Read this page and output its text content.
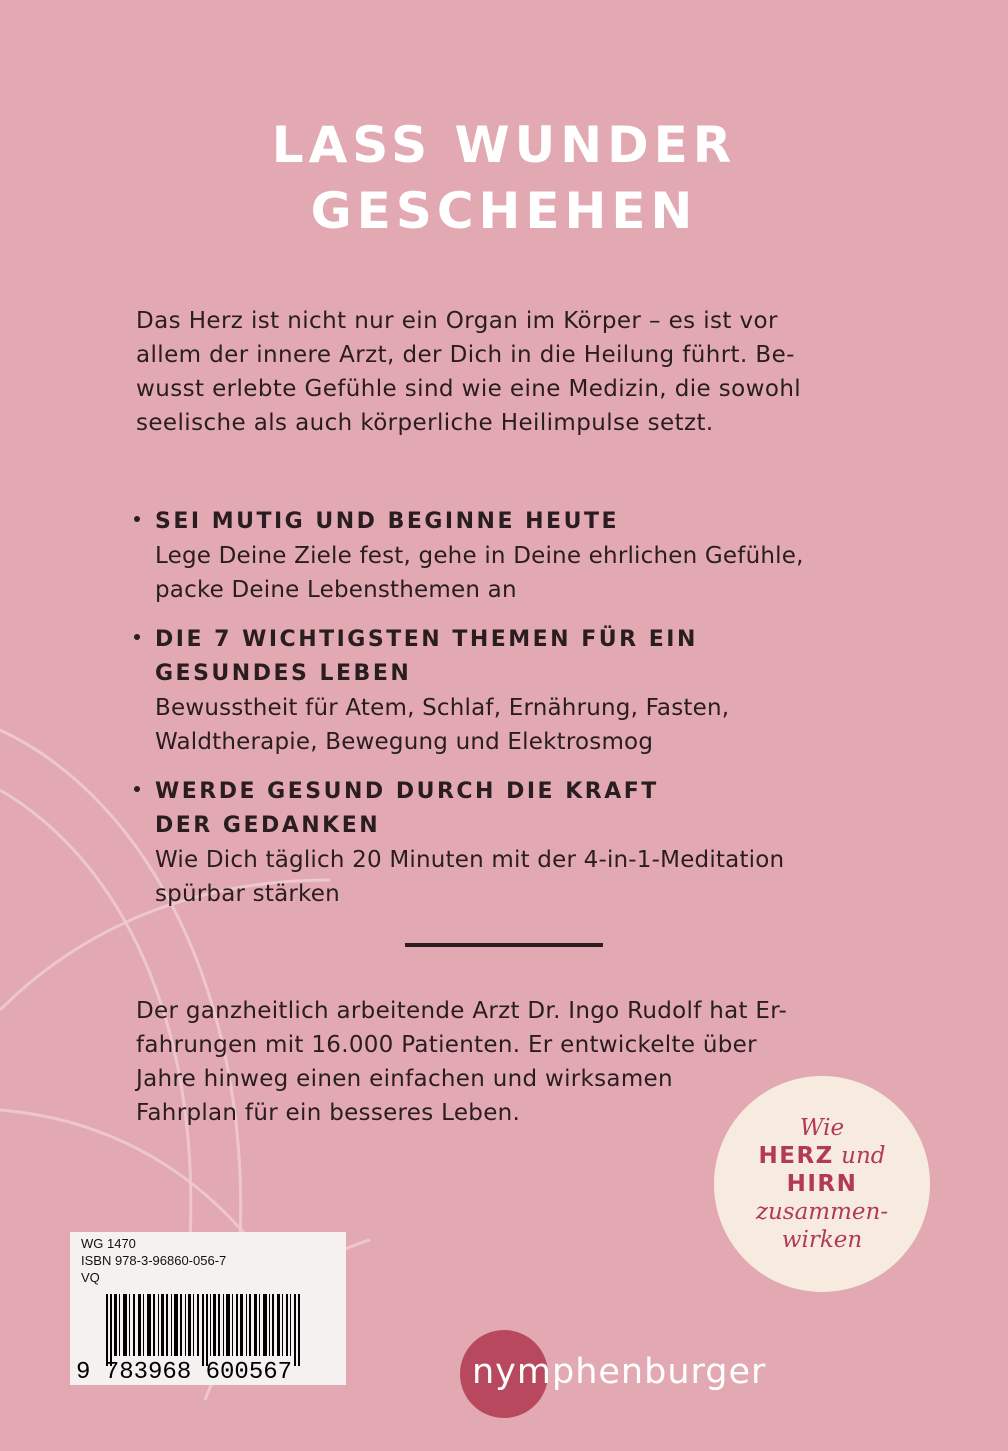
LASS WUNDER
GESCHEHEN
Das Herz ist nicht nur ein Organ im Körper – es ist vor
allem der innere Arzt, der Dich in die Heilung führt. Be-
wusst erlebte Gefühle sind wie eine Medizin, die sowohl
seelische als auch körperliche Heilimpulse setzt.
SEI MUTIG UND BEGINNE HEUTE
Lege Deine Ziele fest, gehe in Deine ehrlichen Gefühle,
packe Deine Lebensthemen an
DIE 7 WICHTIGSTEN THEMEN FÜR EIN
GESUNDES LEBEN
Bewusstheit für Atem, Schlaf, Ernährung, Fasten,
Waldtherapie, Bewegung und Elektrosmog
WERDE GESUND DURCH DIE KRAFT
DER GEDANKEN
Wie Dich täglich 20 Minuten mit der 4-in-1-Meditation
spürbar stärken
Der ganzheitlich arbeitende Arzt Dr. Ingo Rudolf hat Er-
fahrungen mit 16.000 Patienten. Er entwickelte über
Jahre hinweg einen einfachen und wirksamen
Fahrplan für ein besseres Leben.
Wie
HERZ und
HIRN
zusammen-
wirken
WG 1470
ISBN 978-3-96860-056-7
VQ
9 783968 600567	nymphenburger
